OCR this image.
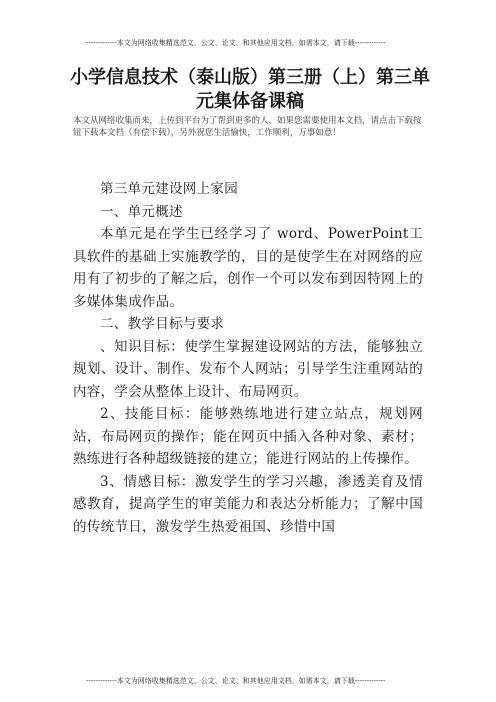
-------------本文为网络收集精选范文、公文、论文、和其他应用文档，如需本文，请下载-------------
小学信息技术（泰山版）第三册（上）第三单元集体备课稿
本文从网络收集而来，上传到平台为了帮到更多的人，如果您需要使用本文档，请点击下载按钮下载本文档（有偿下载），另外祝您生活愉快，工作顺利，万事如意！

第三单元建设网上家园

一、单元概述

本单元是在学生已经学习了 word、PowerPoint工具软件的基础上实施教学的，目的是使学生在对网络的应用有了初步的了解之后，创作一个可以发布到因特网上的多媒体集成作品。

二、教学目标与要求

、知识目标：使学生掌握建设网站的方法，能够独立规划、设计、制作、发布个人网站；引导学生注重网站的内容，学会从整体上设计、布局网页。

2、技能目标：能够熟练地进行建立站点，规划网站，布局网页的操作；能在网页中插入各种对象、素材；熟练进行各种超级链接的建立；能进行网站的上传操作。

3、情感目标：激发学生的学习兴趣，渗透美育及情感教育，提高学生的审美能力和表达分析能力；了解中国的传统节日，激发学生热爱祖国、珍惜中国

-------------本文为网络收集精选范文、公文、论文、和其他应用文档，如需本文，请下载-------------
